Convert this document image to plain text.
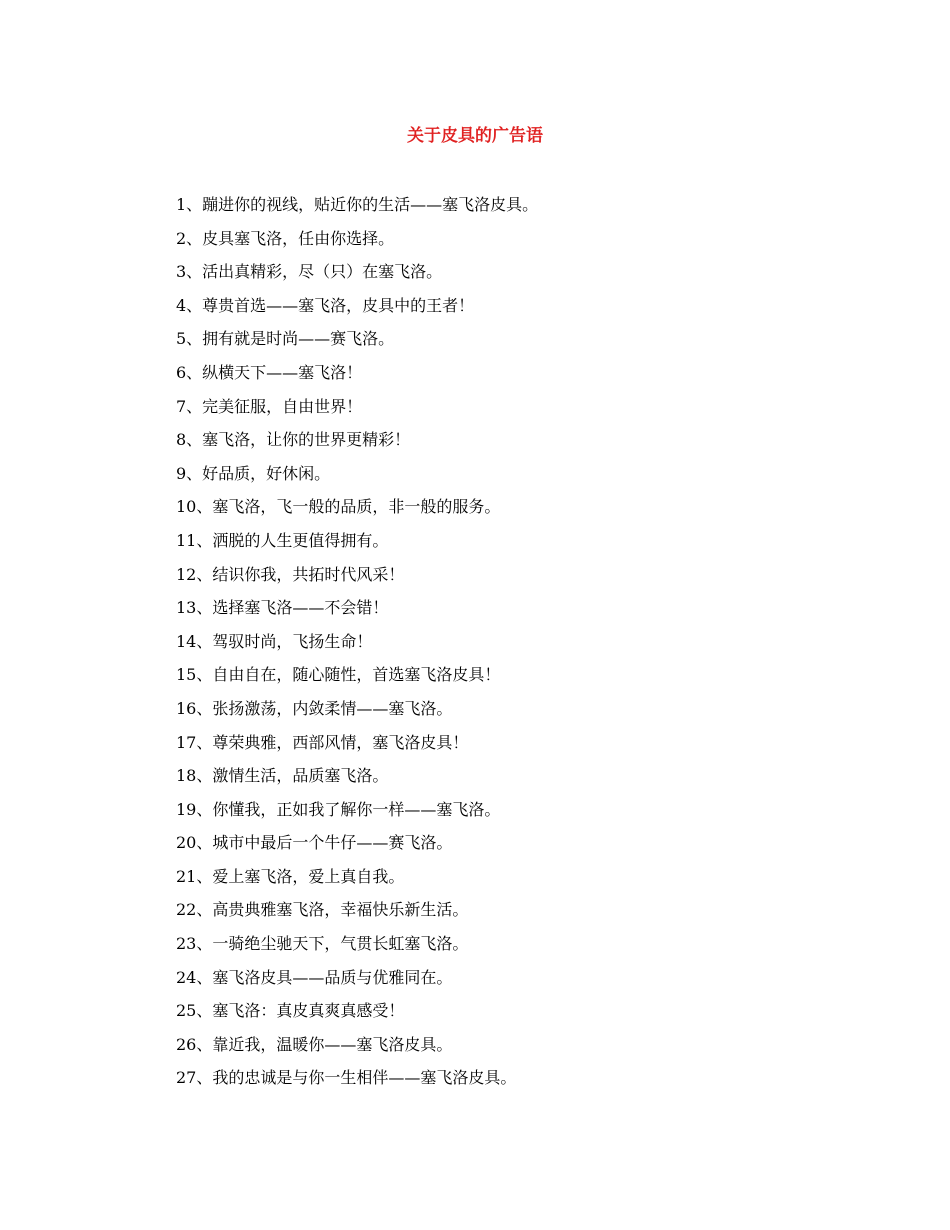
关于皮具的广告语
1、蹦进你的视线，贴近你的生活——塞飞洛皮具。
2、皮具塞飞洛，任由你选择。
3、活出真精彩，尽（只）在塞飞洛。
4、尊贵首选——塞飞洛，皮具中的王者！
5、拥有就是时尚——赛飞洛。
6、纵横天下——塞飞洛！
7、完美征服，自由世界！
8、塞飞洛，让你的世界更精彩！
9、好品质，好休闲。
10、塞飞洛，飞一般的品质，非一般的服务。
11、洒脱的人生更值得拥有。
12、结识你我，共拓时代风采！
13、选择塞飞洛——不会错！
14、驾驭时尚，飞扬生命！
15、自由自在，随心随性，首选塞飞洛皮具！
16、张扬激荡，内敛柔情——塞飞洛。
17、尊荣典雅，西部风情，塞飞洛皮具！
18、激情生活，品质塞飞洛。
19、你懂我，正如我了解你一样——塞飞洛。
20、城市中最后一个牛仔——赛飞洛。
21、爱上塞飞洛，爱上真自我。
22、高贵典雅塞飞洛，幸福快乐新生活。
23、一骑绝尘驰天下，气贯长虹塞飞洛。
24、塞飞洛皮具——品质与优雅同在。
25、塞飞洛：真皮真爽真感受！
26、靠近我，温暖你——塞飞洛皮具。
27、我的忠诚是与你一生相伴——塞飞洛皮具。
